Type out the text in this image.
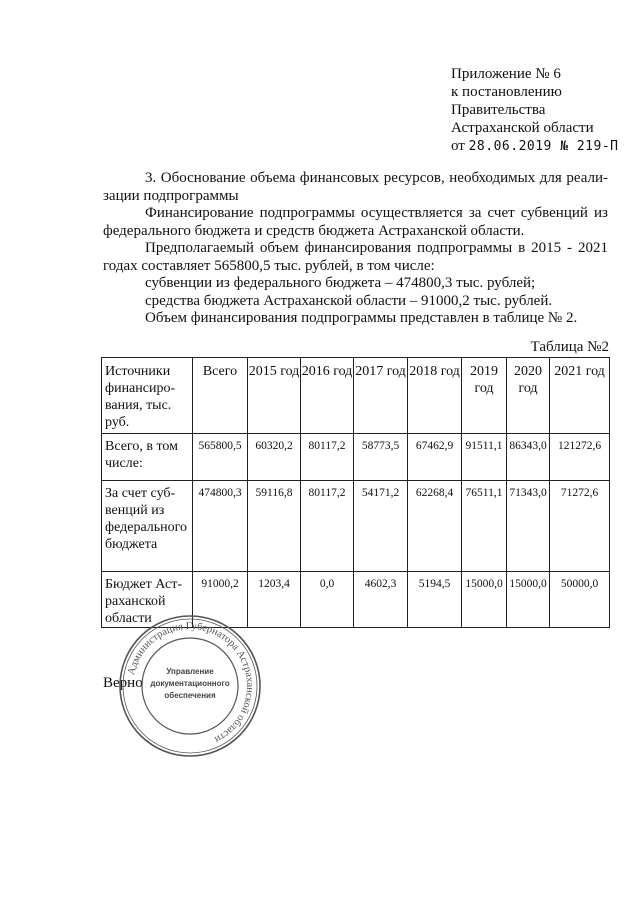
Приложение № 6
к постановлению
Правительства
Астраханской области
от 28.06.2019 № 219-П

3. Обоснование объема финансовых ресурсов, необходимых для реали-

зации подпрограммы

Финансирование подпрограммы осуществляется за счет субвенций из

федерального бюджета и средств бюджета Астраханской области.

Предполагаемый объем финансирования подпрограммы в 2015 - 2021

годах составляет 565800,5 тыс. рублей, в том числе:

субвенции из федерального бюджета – 474800,3 тыс. рублей;

средства бюджета Астраханской области – 91000,2 тыс. рублей.

Объем финансирования подпрограммы представлен в таблице № 2.

Таблица №2
Источники финансиро-вания, тыс. руб.	Всего	2015 год	2016 год	2017 год	2018 год	2019 год	2020 год	2021 год
Всего, в том числе:	565800,5	60320,2	80117,2	58773,5	67462,9	91511,1	86343,0	121272,6
За счет суб-венций из федерального бюджета	474800,3	59116,8	80117,2	54171,2	62268,4	76511,1	71343,0	71272,6
Бюджет Аст-раханской области	91000,2	1203,4	0,0	4602,3	5194,5	15000,0	15000,0	50000,0
Верно
Администрация Губернатора Астраханской области
Управление
документационного
обеспечения
